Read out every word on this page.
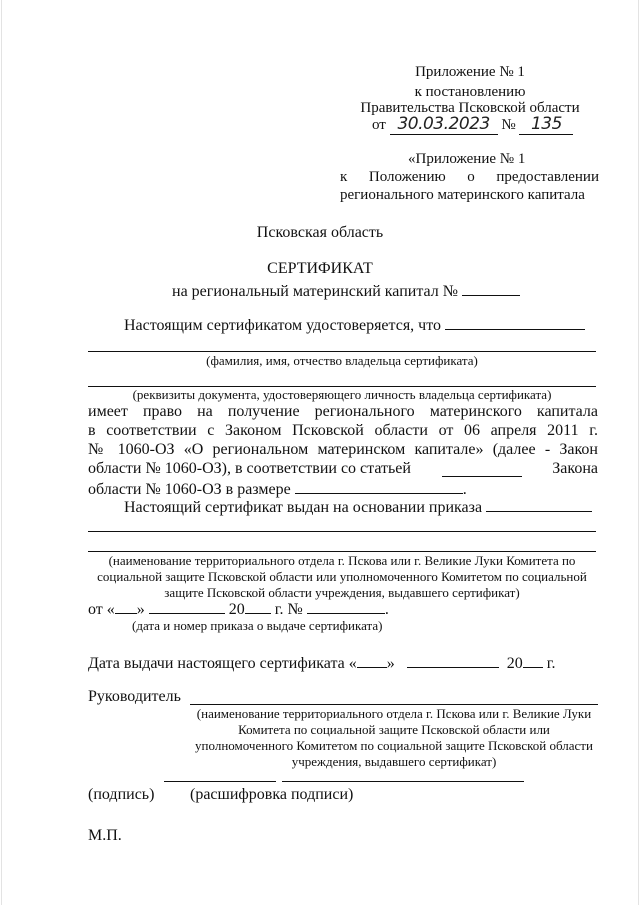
Приложение № 1
к постановлению
Правительства Псковской области
от 30.03.2023 № 135
«Приложение № 1
к Положению о предоставлении
регионального материнского капитала
Псковская область
СЕРТИФИКАТ
на региональный материнский капитал №
Настоящим сертификатом удостоверяется, что
(фамилия, имя, отчество владельца сертификата)
(реквизиты документа, удостоверяющего личность владельца сертификата)
имеет право на получение регионального материнского капитала
в соответствии с Законом Псковской области от 06 апреля 2011 г.
№ 1060-ОЗ «О региональном материнском капитале» (далее - Закон
области № 1060-ОЗ), в соответствии со статьей	Закона
области № 1060-ОЗ в размере	.
Настоящий сертификат выдан на основании приказа
(наименование территориального отдела г. Пскова или г. Великие Луки Комитета по
социальной защите Псковской области или уполномоченного Комитетом по социальной
защите Псковской области учреждения, выдавшего сертификат)
от « »	20 г. №	.
(дата и номер приказа о выдаче сертификата)
Дата выдачи настоящего сертификата « »	20 г.
Руководитель
(наименование территориального отдела г. Пскова или г. Великие Луки
Комитета по социальной защите Псковской области или
уполномоченного Комитетом по социальной защите Псковской области
учреждения, выдавшего сертификат)
(подпись) (расшифровка подписи)
М.П.
